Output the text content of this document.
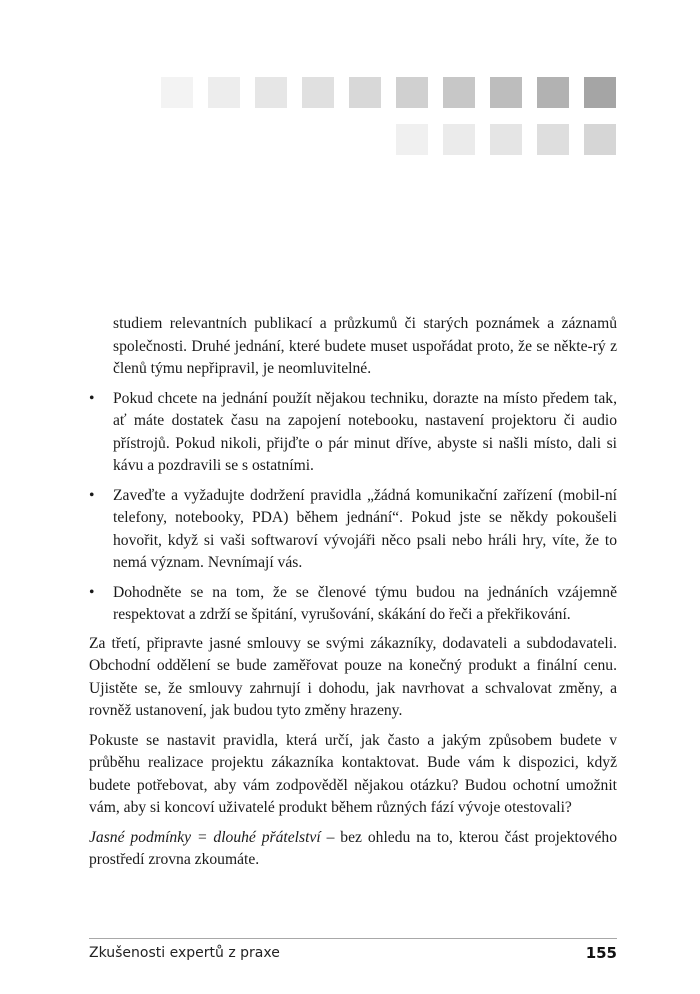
studiem relevantních publikací a průzkumů či starých poznámek a záznamů společnosti. Druhé jednání, které budete muset uspořádat proto, že se někte-rý z členů týmu nepřipravil, je neomluvitelné.

• Pokud chcete na jednání použít nějakou techniku, dorazte na místo předem tak, ať máte dostatek času na zapojení notebooku, nastavení projektoru či audio přístrojů. Pokud nikoli, přijďte o pár minut dříve, abyste si našli místo, dali si kávu a pozdravili se s ostatními.
• Zaveďte a vyžadujte dodržení pravidla „žádná komunikační zařízení (mobil-ní telefony, notebooky, PDA) během jednání“. Pokud jste se někdy pokoušeli hovořit, když si vaši softwaroví vývojáři něco psali nebo hráli hry, víte, že to nemá význam. Nevnímají vás.
• Dohodněte se na tom, že se členové týmu budou na jednáních vzájemně respektovat a zdrží se špitání, vyrušování, skákání do řeči a překřikování.

Za třetí, připravte jasné smlouvy se svými zákazníky, dodavateli a subdodavateli. Obchodní oddělení se bude zaměřovat pouze na konečný produkt a finální cenu. Ujistěte se, že smlouvy zahrnují i dohodu, jak navrhovat a schvalovat změny, a rovněž ustanovení, jak budou tyto změny hrazeny.

Pokuste se nastavit pravidla, která určí, jak často a jakým způsobem budete v průběhu realizace projektu zákazníka kontaktovat. Bude vám k dispozici, když budete potřebovat, aby vám zodpověděl nějakou otázku? Budou ochotní umožnit vám, aby si koncoví uživatelé produkt během různých fází vývoje otestovali?

Jasné podmínky = dlouhé přátelství – bez ohledu na to, kterou část projektového prostředí zrovna zkoumáte.

Zkušenosti expertů z praxe	155
